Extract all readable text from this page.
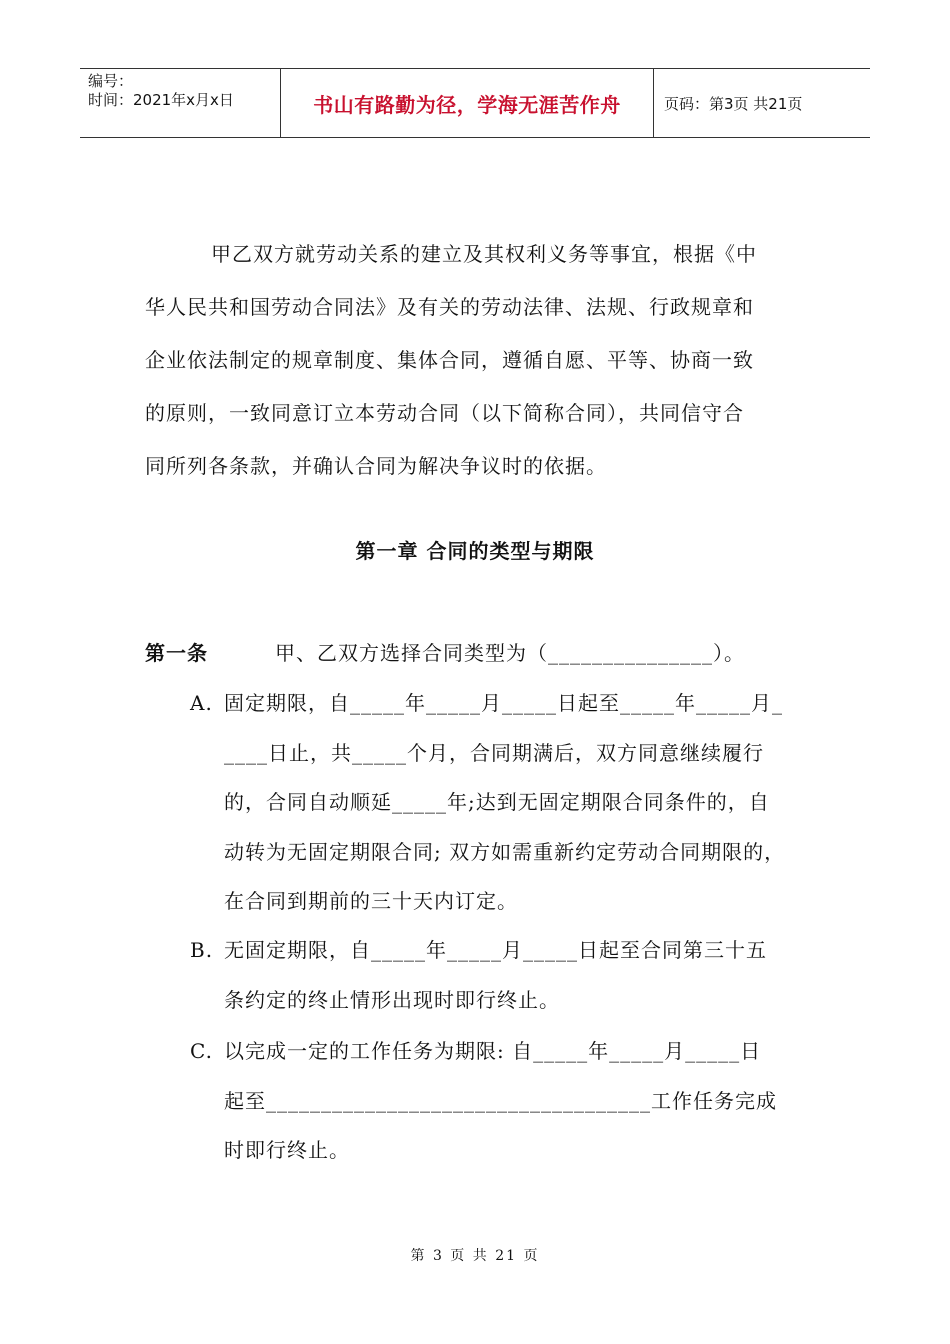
编号：
时间：2021年x月x日	书山有路勤为径，学海无涯苦作舟	页码：第3页 共21页
甲乙双方就劳动关系的建立及其权利义务等事宜，根据《中
华人民共和国劳动合同法》及有关的劳动法律、法规、行政规章和
企业依法制定的规章制度、集体合同，遵循自愿、平等、协商一致
的原则，一致同意订立本劳动合同（以下简称合同），共同信守合
同所列各条款，并确认合同为解决争议时的依据。
第一章 合同的类型与期限
第一条	甲、乙双方选择合同类型为（_______________）。
A. 固定期限，自_____年_____月_____日起至_____年_____月_
____日止，共_____个月，合同期满后，双方同意继续履行
的，合同自动顺延_____年;达到无固定期限合同条件的，自
动转为无固定期限合同; 双方如需重新约定劳动合同期限的，
在合同到期前的三十天内订定。
B. 无固定期限，自_____年_____月_____日起至合同第三十五
条约定的终止情形出现时即行终止。
C. 以完成一定的工作任务为期限: 自_____年_____月_____日
起至___________________________________工作任务完成
时即行终止。
第 3 页 共 21 页
